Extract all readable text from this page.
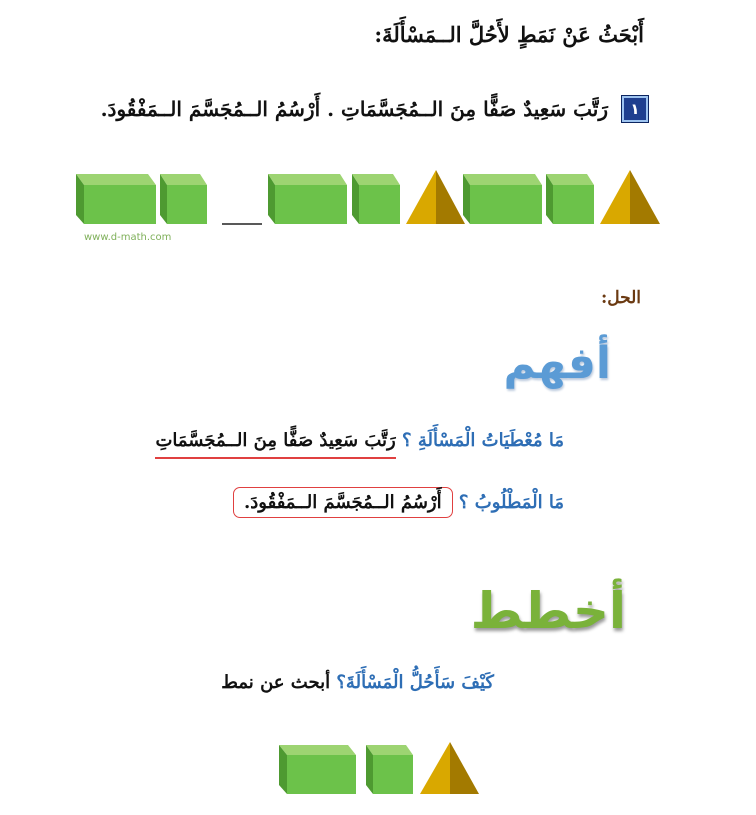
أَبْحَثُ عَنْ نَمَطٍ لأَحُلَّ الــمَسْأَلَةَ:
١
رَتَّبَ سَعِيدٌ صَفًّا مِنَ الــمُجَسَّمَاتِ . أَرْسُمُ الــمُجَسَّمَ الــمَفْقُودَ.
www.d-math.com
الحل:
أفهم
مَا مُعْطَيَاتُ الْمَسْأَلَةِ ؟ رَتَّبَ سَعِيدٌ صَفًّا مِنَ الــمُجَسَّمَاتِ
مَا الْمَطْلُوبُ ؟ أَرْسُمُ الــمُجَسَّمَ الــمَفْقُودَ.
أخطط
كَيْفَ سَأَحُلُّ الْمَسْأَلَةَ؟ أبحث عن نمط
